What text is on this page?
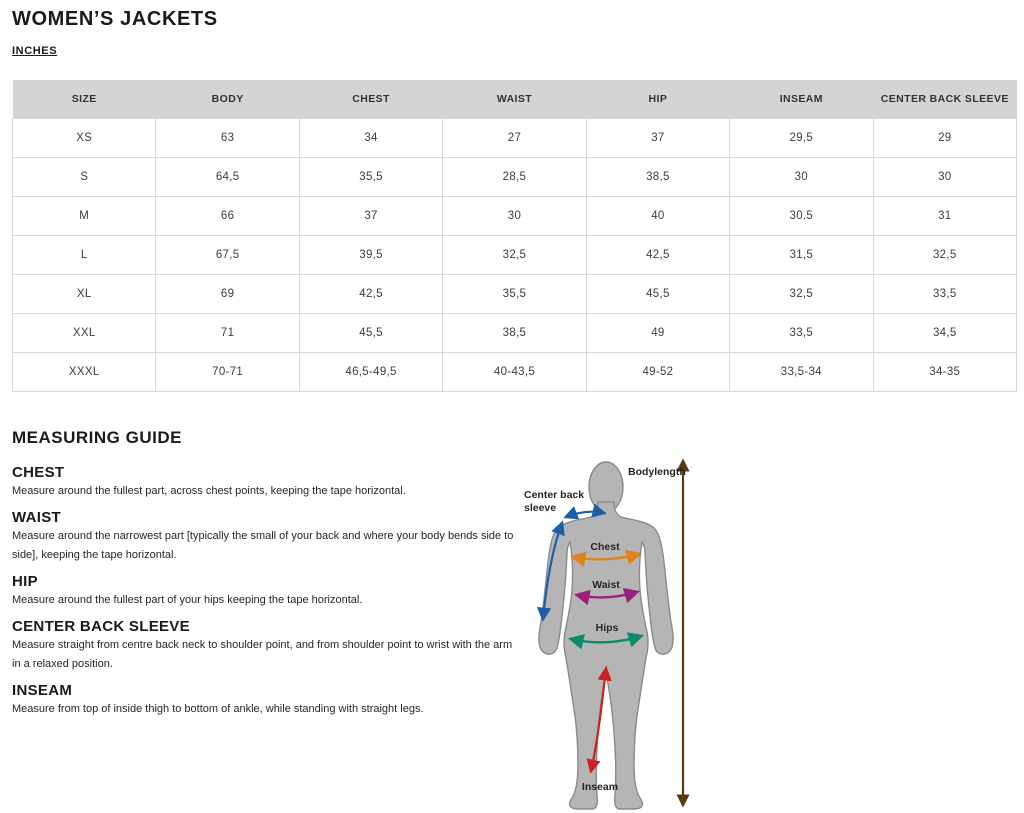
WOMEN’S JACKETS
INCHES
SIZE	BODY	CHEST	WAIST	HIP	INSEAM	CENTER BACK SLEEVE
XS	63	34	27	37	29,5	29
S	64,5	35,5	28,5	38,5	30	30
M	66	37	30	40	30.5	31
L	67,5	39,5	32,5	42,5	31,5	32,5
XL	69	42,5	35,5	45,5	32,5	33,5
XXL	71	45,5	38,5	49	33,5	34,5
XXXL	70-71	46,5-49,5	40-43,5	49-52	33,5-34	34-35
MEASURING GUIDE
CHEST

Measure around the fullest part, across chest points, keeping the tape horizontal.

WAIST

Measure around the narrowest part [typically the small of your back and where your body bends side to side], keeping the tape horizontal.

HIP

Measure around the fullest part of your hips keeping the tape horizontal.

CENTER BACK SLEEVE

Measure straight from centre back neck to shoulder point, and from shoulder point to wrist with the arm in a relaxed position.

INSEAM

Measure from top of inside thigh to bottom of ankle, while standing with straight legs.

Bodylength
Center back
sleeve
Chest
Waist
Hips
Inseam
